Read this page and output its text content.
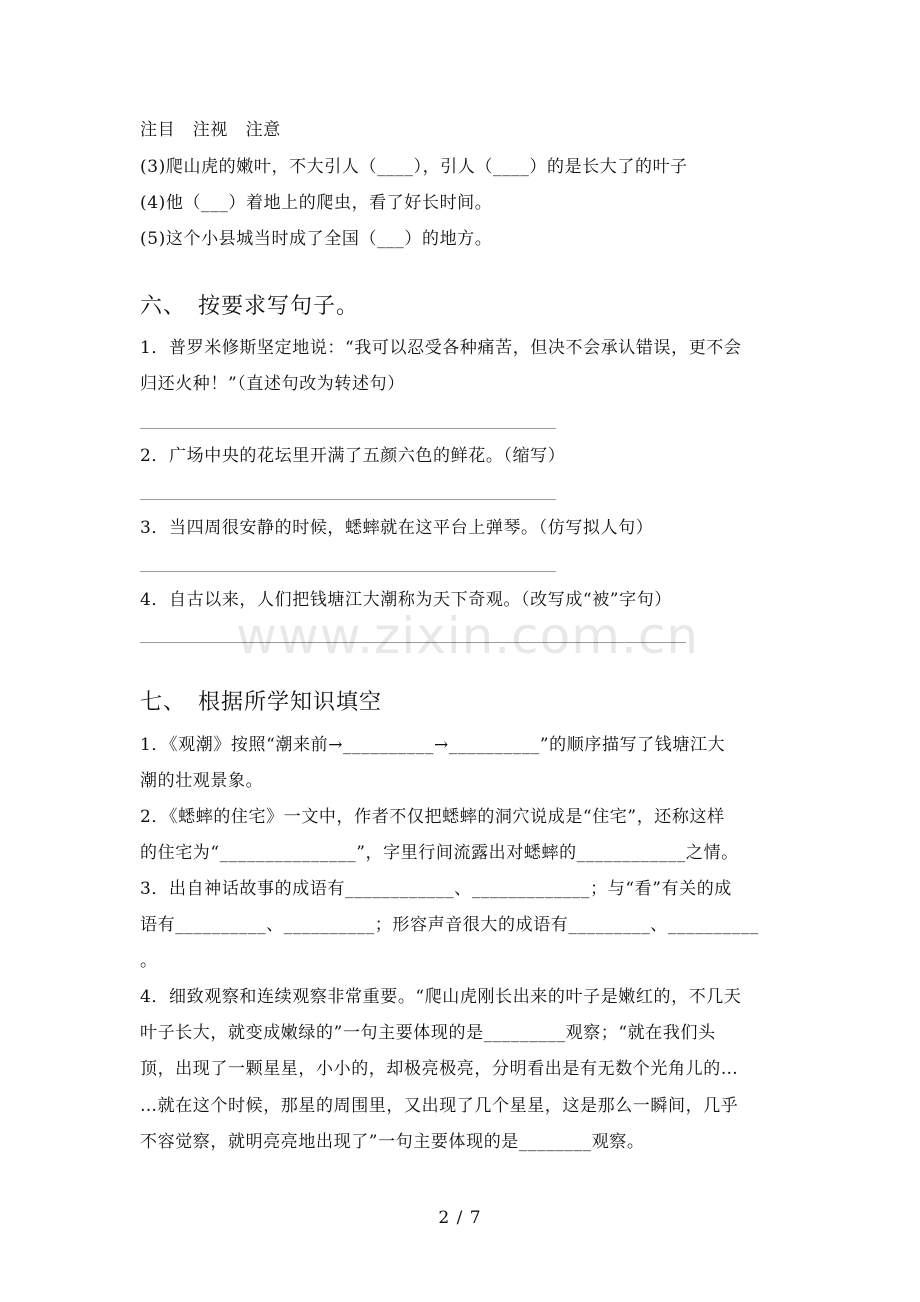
注目　注视　注意
(3)爬山虎的嫩叶，不大引人（____），引人（____）的是长大了的叶子
(4)他（___）着地上的爬虫，看了好长时间。
(5)这个小县城当时成了全国（___）的地方。
六、　按要求写句子。
1．普罗米修斯坚定地说：“我可以忍受各种痛苦，但决不会承认错误，更不会
归还火种！”（直述句改为转述句）
2．广场中央的花坛里开满了五颜六色的鲜花。（缩写）
3．当四周很安静的时候，蟋蟀就在这平台上弹琴。（仿写拟人句）
4．自古以来，人们把钱塘江大潮称为天下奇观。（改写成“被”字句）
www.zixin.com.cn
七、　根据所学知识填空
1．《观潮》按照“潮来前→__________→__________”的顺序描写了钱塘江大
潮的壮观景象。
2．《蟋蟀的住宅》一文中，作者不仅把蟋蟀的洞穴说成是“住宅”，还称这样
的住宅为“_______________”，字里行间流露出对蟋蟀的____________之情。
3．出自神话故事的成语有____________、_____________；与“看”有关的成
语有__________、__________；形容声音很大的成语有_________、__________
。
4．细致观察和连续观察非常重要。“爬山虎刚长出来的叶子是嫩红的，不几天
叶子长大，就变成嫩绿的”一句主要体现的是_________观察；“就在我们头
顶，出现了一颗星星，小小的，却极亮极亮，分明看出是有无数个光角儿的…
…就在这个时候，那星的周围里，又出现了几个星星，这是那么一瞬间，几乎
不容觉察，就明亮亮地出现了”一句主要体现的是________观察。
2 / 7
